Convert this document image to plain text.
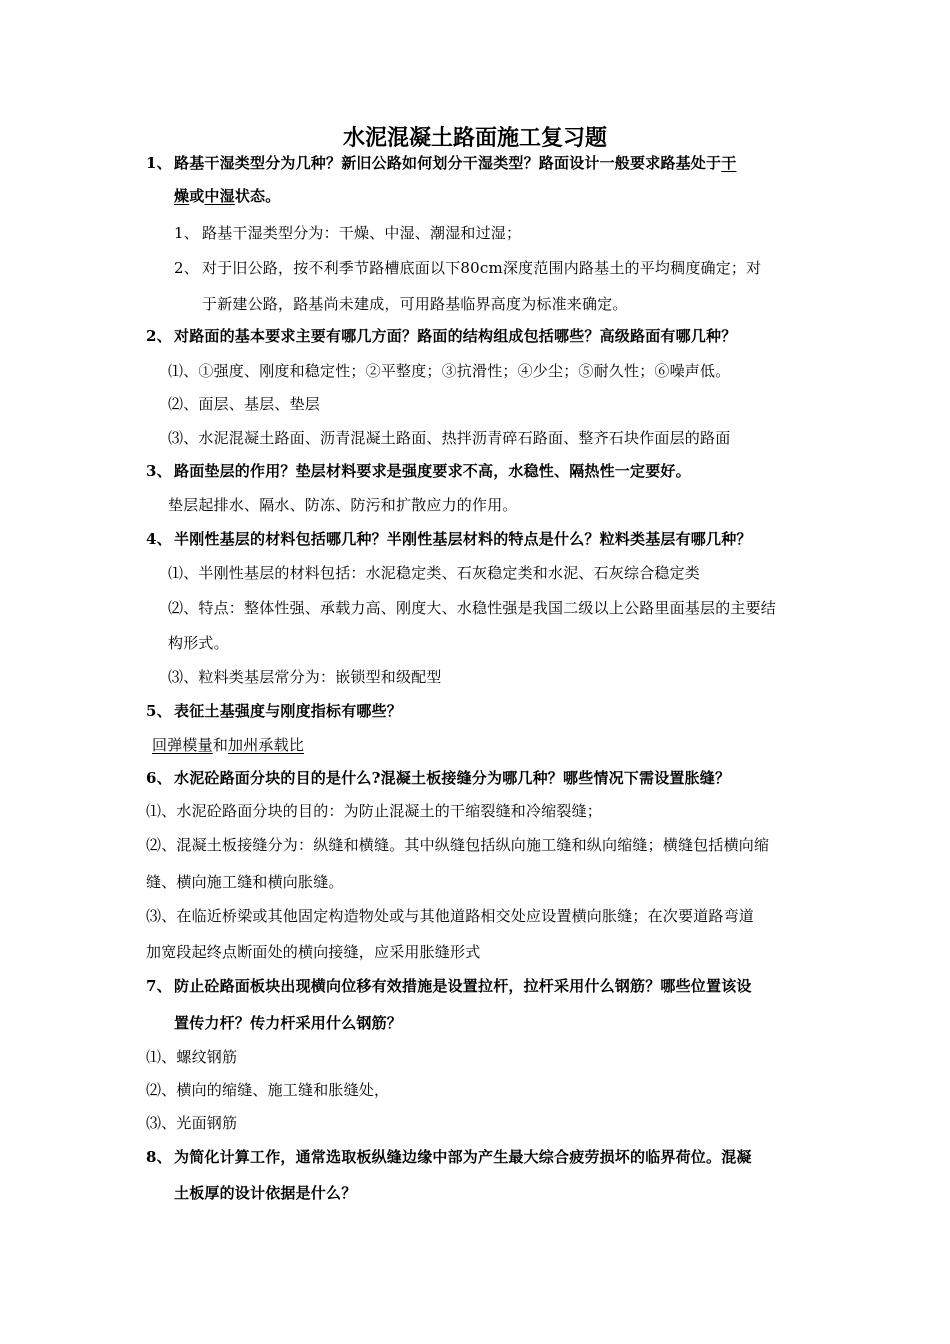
水泥混凝土路面施工复习题
1、 路基干湿类型分为几种？新旧公路如何划分干湿类型？路面设计一般要求路基处于干
燥或中湿状态。
1、 路基干湿类型分为：干燥、中湿、潮湿和过湿；
2、 对于旧公路，按不利季节路槽底面以下80cm深度范围内路基土的平均稠度确定；对
于新建公路，路基尚未建成，可用路基临界高度为标准来确定。
2、 对路面的基本要求主要有哪几方面？路面的结构组成包括哪些？高级路面有哪几种？
⑴、①强度、刚度和稳定性；②平整度；③抗滑性；④少尘；⑤耐久性；⑥噪声低。
⑵、面层、基层、垫层
⑶、水泥混凝土路面、沥青混凝土路面、热拌沥青碎石路面、整齐石块作面层的路面
3、 路面垫层的作用？垫层材料要求是强度要求不高，水稳性、隔热性一定要好。
垫层起排水、隔水、防冻、防污和扩散应力的作用。
4、 半刚性基层的材料包括哪几种？半刚性基层材料的特点是什么？粒料类基层有哪几种？
⑴、半刚性基层的材料包括：水泥稳定类、石灰稳定类和水泥、石灰综合稳定类
⑵、特点：整体性强、承载力高、刚度大、水稳性强是我国二级以上公路里面基层的主要结
构形式。
⑶、粒料类基层常分为：嵌锁型和级配型
5、 表征土基强度与刚度指标有哪些？
回弹模量和加州承载比
6、 水泥砼路面分块的目的是什么?混凝土板接缝分为哪几种？哪些情况下需设置胀缝？
⑴、水泥砼路面分块的目的：为防止混凝土的干缩裂缝和冷缩裂缝；
⑵、混凝土板接缝分为：纵缝和横缝。其中纵缝包括纵向施工缝和纵向缩缝；横缝包括横向缩
缝、横向施工缝和横向胀缝。
⑶、在临近桥梁或其他固定构造物处或与其他道路相交处应设置横向胀缝；在次要道路弯道
加宽段起终点断面处的横向接缝，应采用胀缝形式
7、 防止砼路面板块出现横向位移有效措施是设置拉杆，拉杆采用什么钢筋？哪些位置该设
置传力杆？传力杆采用什么钢筋？
⑴、螺纹钢筋
⑵、横向的缩缝、施工缝和胀缝处，
⑶、光面钢筋
8、 为简化计算工作，通常选取板纵缝边缘中部为产生最大综合疲劳损坏的临界荷位。混凝
土板厚的设计依据是什么？
